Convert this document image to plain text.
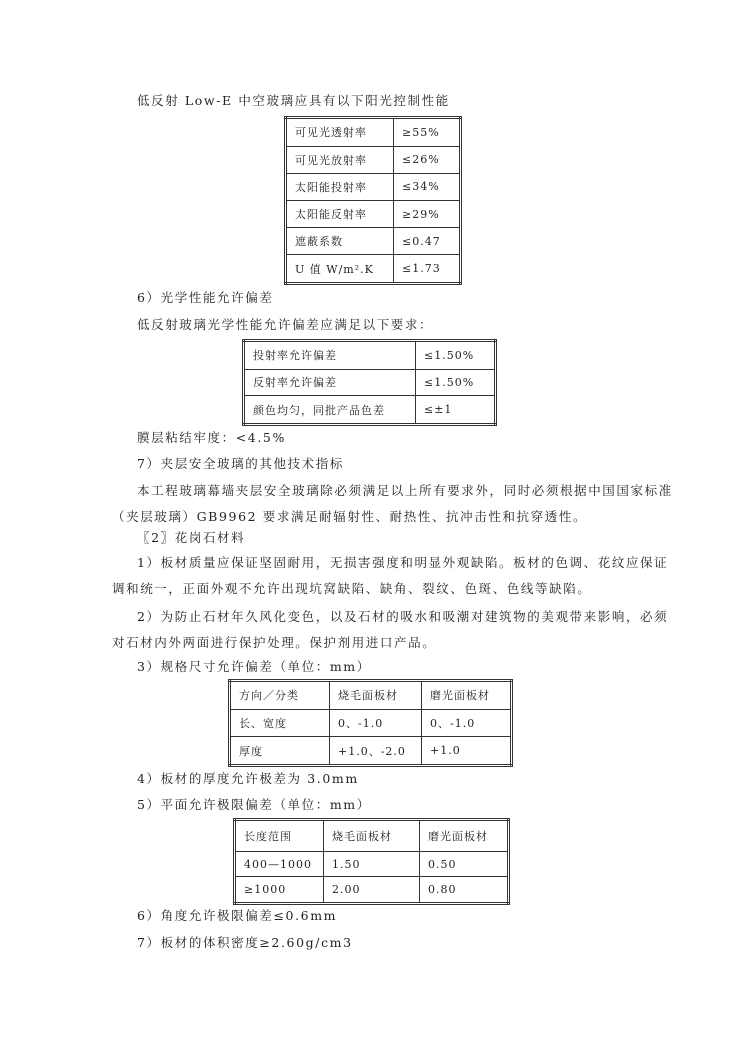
低反射 Low-E 中空玻璃应具有以下阳光控制性能
可见光透射率	≥55%
可见光放射率	≤26%
太阳能投射率	≤34%
太阳能反射率	≥29%
遮蔽系数	≤0.47
U 值 W/m².K	≤1.73
6）光学性能允许偏差
低反射玻璃光学性能允许偏差应满足以下要求：
投射率允许偏差	≤1.50%
反射率允许偏差	≤1.50%
颜色均匀，同批产品色差	≤±1
膜层粘结牢度：<4.5%
7）夹层安全玻璃的其他技术指标
本工程玻璃幕墙夹层安全玻璃除必须满足以上所有要求外，同时必须根据中国国家标准
（夹层玻璃）GB9962 要求满足耐辐射性、耐热性、抗冲击性和抗穿透性。
〖2〗花岗石材料
1）板材质量应保证坚固耐用，无损害强度和明显外观缺陷。板材的色调、花纹应保证
调和统一，正面外观不允许出现坑窝缺陷、缺角、裂纹、色斑、色线等缺陷。
2）为防止石材年久风化变色，以及石材的吸水和吸潮对建筑物的美观带来影响，必须
对石材内外两面进行保护处理。保护剂用进口产品。
3）规格尺寸允许偏差（单位：mm）
方向／分类	烧毛面板材	磨光面板材
长、宽度	0、-1.0	0、-1.0
厚度	+1.0、-2.0	+1.0
4）板材的厚度允许极差为 3.0mm
5）平面允许极限偏差（单位：mm）
长度范围	烧毛面板材	磨光面板材
400—1000	1.50	0.50
≥1000	2.00	0.80
6）角度允许极限偏差≤0.6mm
7）板材的体积密度≥2.60g/cm3
